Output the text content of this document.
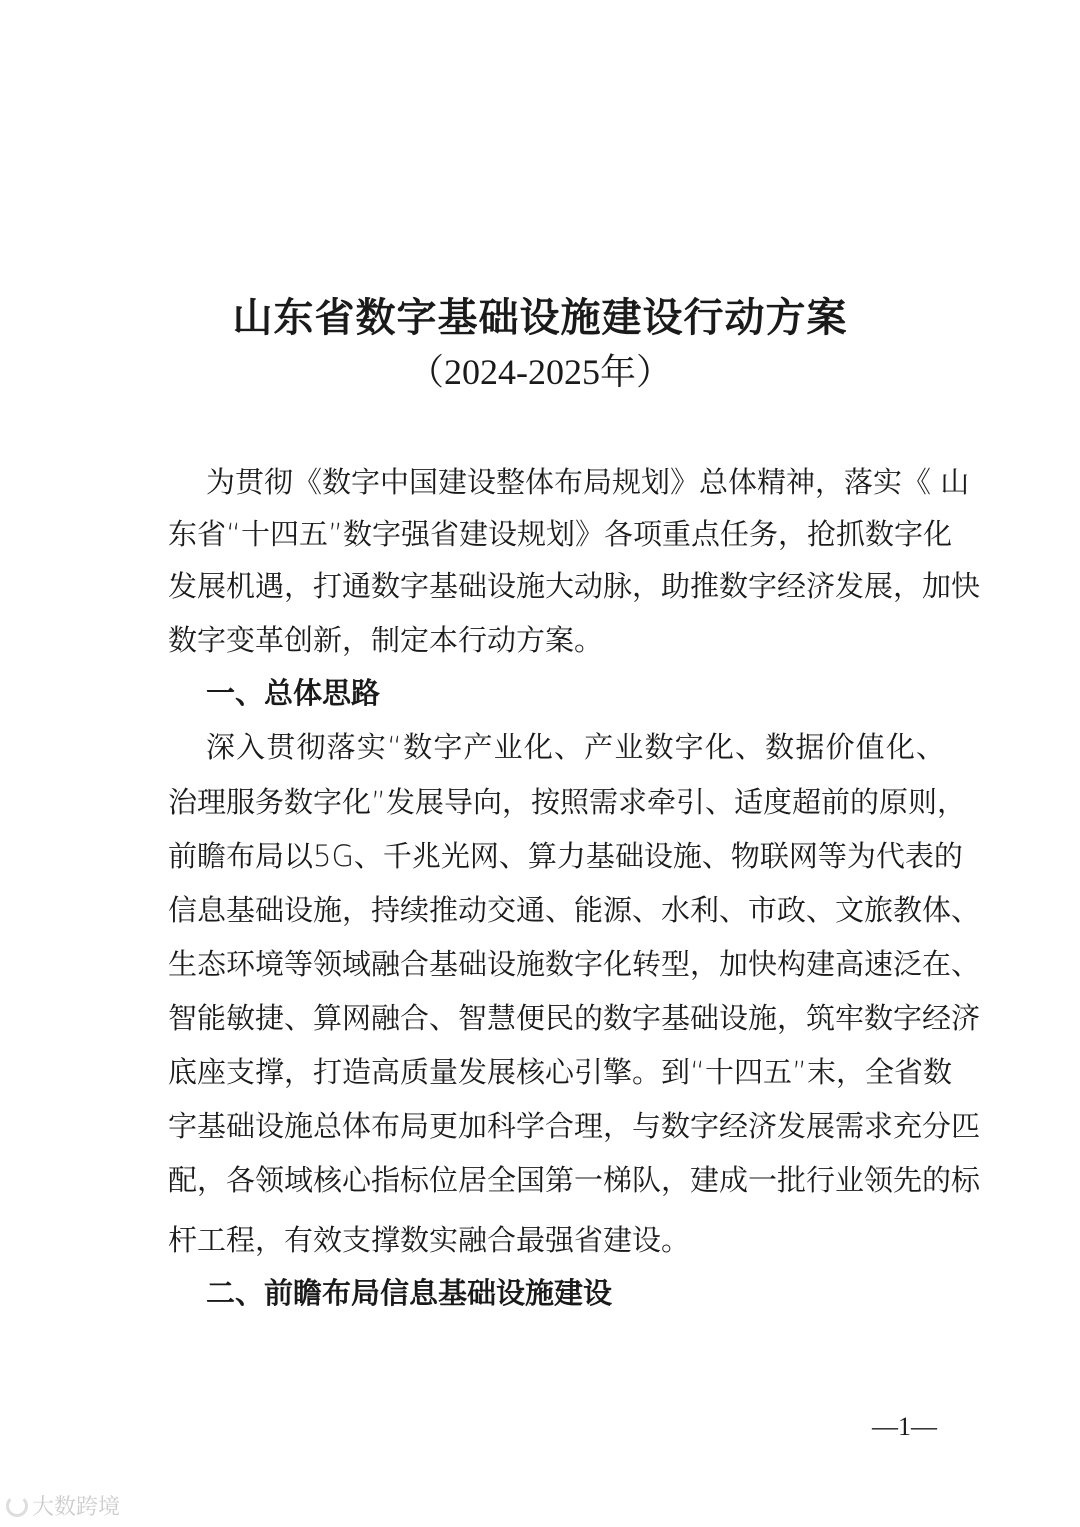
山东省数字基础设施建设行动方案
（2024-2025年）
为贯彻《数字中国建设整体布局规划》总体精神，落实《 山
东省“十四五”数字强省建设规划》各项重点任务，抢抓数字化
发展机遇，打通数字基础设施大动脉，助推数字经济发展，加快
数字变革创新，制定本行动方案。
一、总体思路
深入贯彻落实“数字产业化、产业数字化、数据价值化、
治理服务数字化”发展导向，按照需求牵引、适度超前的原则，
前瞻布局以5G、千兆光网、算力基础设施、物联网等为代表的
信息基础设施，持续推动交通、能源、水利、市政、文旅教体、
生态环境等领域融合基础设施数字化转型，加快构建高速泛在、
智能敏捷、算网融合、智慧便民的数字基础设施，筑牢数字经济
底座支撑，打造高质量发展核心引擎。到“十四五”末，全省数
字基础设施总体布局更加科学合理，与数字经济发展需求充分匹
配，各领域核心指标位居全国第一梯队，建成一批行业领先的标
杆工程，有效支撑数实融合最强省建设。
二、前瞻布局信息基础设施建设
—1—
大数跨境
